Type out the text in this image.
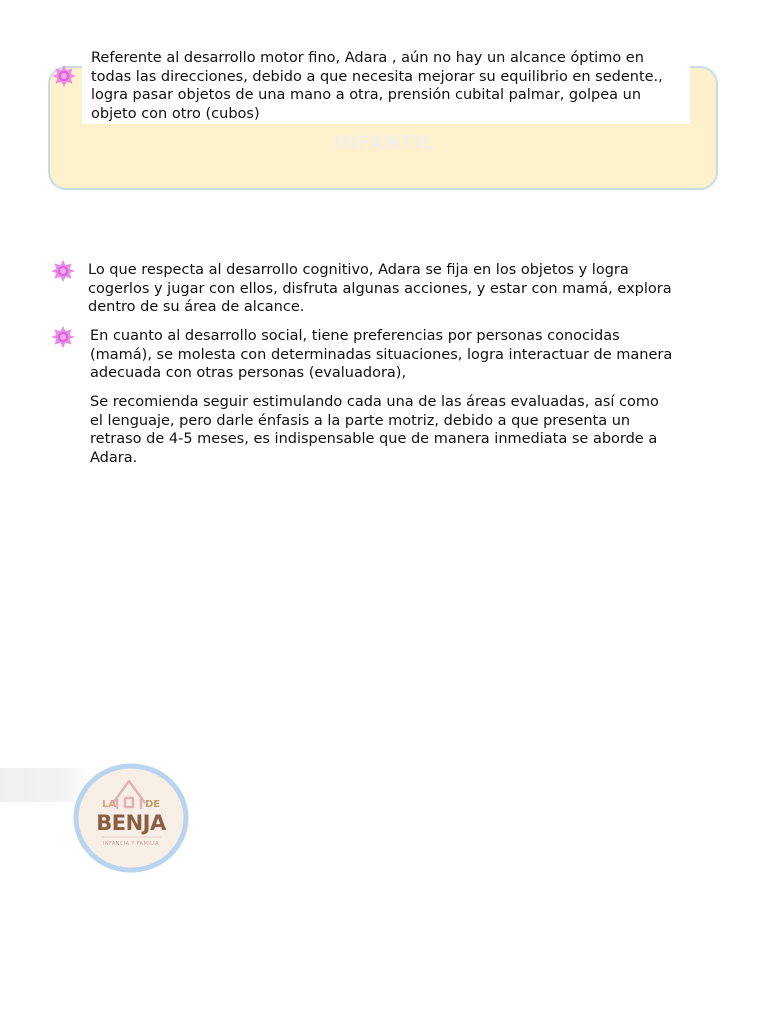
INFANTIL
Referente al desarrollo motor fino, Adara , aún no hay un alcance óptimo en todas las direcciones, debido a que necesita mejorar su equilibrio en sedente., logra pasar objetos de una mano a otra, prensión cubital palmar, golpea un objeto con otro (cubos)
Lo que respecta al desarrollo cognitivo, Adara se fija en los objetos y logra cogerlos y jugar con ellos, disfruta algunas acciones, y estar con mamá, explora dentro de su área de alcance.
En cuanto al desarrollo social, tiene preferencias por personas conocidas (mamá), se molesta con determinadas situaciones, logra interactuar de manera adecuada con otras personas (evaluadora),
Se recomienda seguir estimulando cada una de las áreas evaluadas, así como el lenguaje, pero darle énfasis a la parte motriz, debido a que presenta un retraso de 4-5 meses, es indispensable que de manera inmediata se aborde a Adara.
LA	DE
BENJA
INFANCIA Y FAMILIA
